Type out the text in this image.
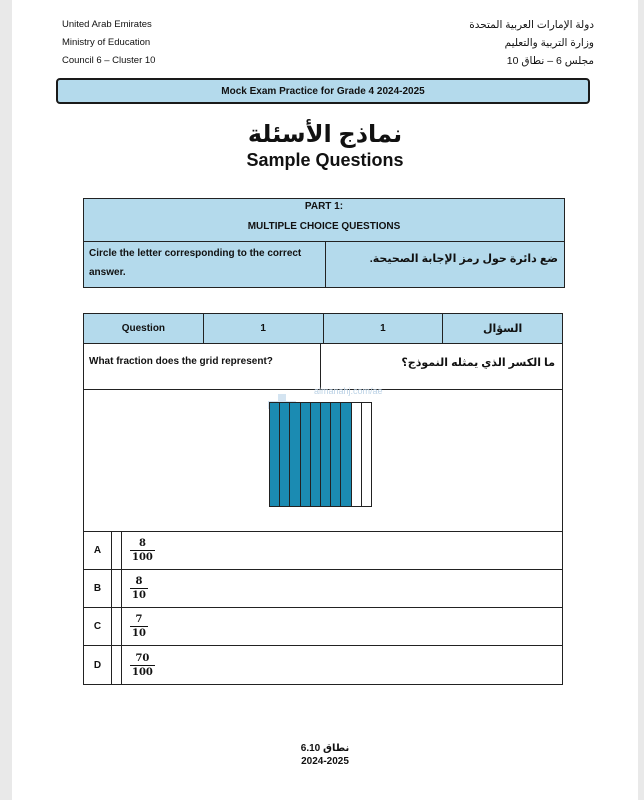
United Arab Emirates
Ministry of Education
Council 6 – Cluster 10
دولة الإمارات العربية المتحدة
وزارة التربية والتعليم
مجلس 6 – نطاق 10
Mock Exam Practice for Grade 4 2024-2025
نماذج الأسئلة
Sample Questions
PART 1:
MULTIPLE CHOICE QUESTIONS
Circle the letter corresponding to the correct answer.
ضع دائرة حول رمز الإجابة الصحيحة.
Question	1	1	السؤال
What fraction does the grid represent?	ما الكسر الذي يمثله النموذج؟
almanahj.com/ae
A	$\frac{8}{100}$
B	$\frac{8}{10}$
C	$\frac{7}{10}$
D	$\frac{70}{100}$
نطاق 6.10
2024-2025
